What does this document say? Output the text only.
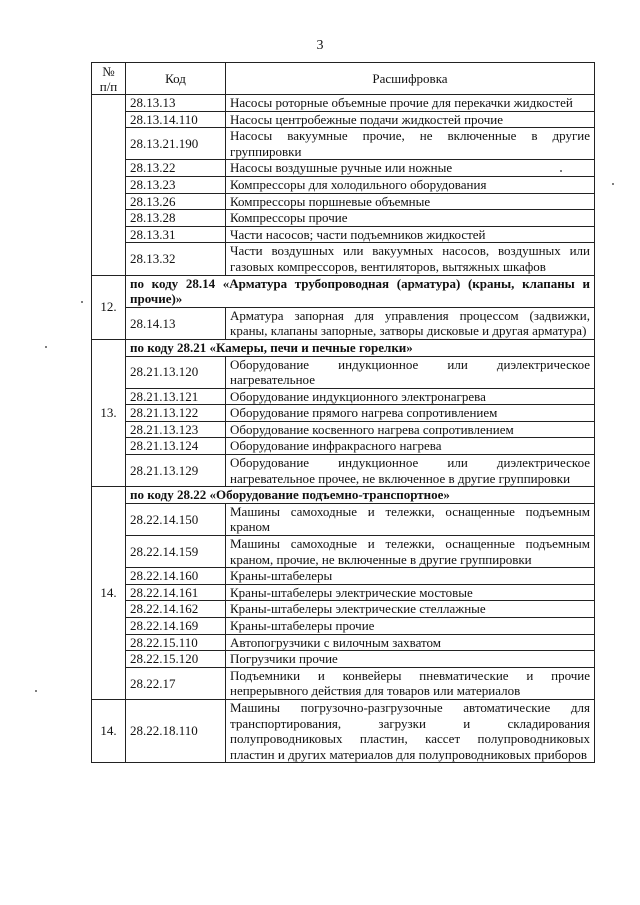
3
№ п/п	Код	Расшифровка
	28.13.13	Насосы роторные объемные прочие для перекачки жидкостей
	28.13.14.110	Насосы центробежные подачи жидкостей прочие
	28.13.21.190	Насосы вакуумные прочие, не включенные в другие группировки
	28.13.22	Насосы воздушные ручные или ножные
	28.13.23	Компрессоры для холодильного оборудования
	28.13.26	Компрессоры поршневые объемные
	28.13.28	Компрессоры прочие
	28.13.31	Части насосов; части подъемников жидкостей
	28.13.32	Части воздушных или вакуумных насосов, воздушных или газовых компрессоров, вентиляторов, вытяжных шкафов
12.	по коду 28.14 «Арматура трубопроводная (арматура) (краны, клапаны и прочие)»	
	28.14.13	Арматура запорная для управления процессом (задвижки, краны, клапаны запорные, затворы дисковые и другая арматура)
13.	по коду 28.21 «Камеры, печи и печные горелки»	
	28.21.13.120	Оборудование индукционное или диэлектрическое нагревательное
	28.21.13.121	Оборудование индукционного электронагрева
	28.21.13.122	Оборудование прямого нагрева сопротивлением
	28.21.13.123	Оборудование косвенного нагрева сопротивлением
	28.21.13.124	Оборудование инфракрасного нагрева
	28.21.13.129	Оборудование индукционное или диэлектрическое нагревательное прочее, не включенное в другие группировки
14.	по коду 28.22 «Оборудование подъемно-транспортное»	
	28.22.14.150	Машины самоходные и тележки, оснащенные подъемным краном
	28.22.14.159	Машины самоходные и тележки, оснащенные подъемным краном, прочие, не включенные в другие группировки
	28.22.14.160	Краны-штабелеры
	28.22.14.161	Краны-штабелеры электрические мостовые
	28.22.14.162	Краны-штабелеры электрические стеллажные
	28.22.14.169	Краны-штабелеры прочие
	28.22.15.110	Автопогрузчики с вилочным захватом
	28.22.15.120	Погрузчики прочие
	28.22.17	Подъемники и конвейеры пневматические и прочие непрерывного действия для товаров или материалов
14.	28.22.18.110	Машины погрузочно-разгрузочные автоматические для транспортирования, загрузки и складирования полупроводниковых пластин, кассет полупроводниковых пластин и других материалов для полупроводниковых приборов
